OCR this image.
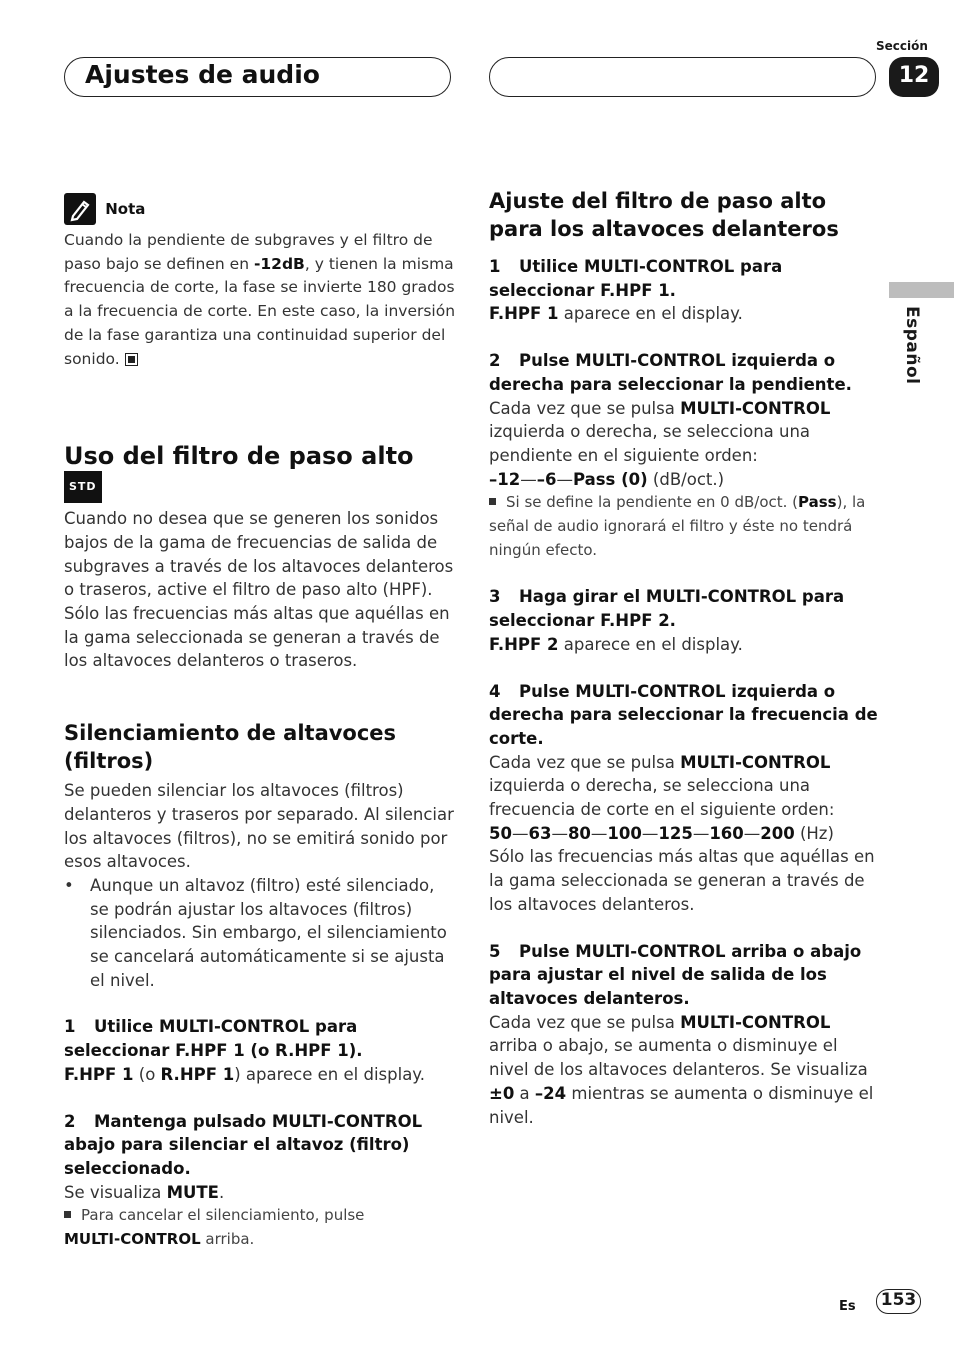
Ajustes de audio
Sección
12
Español

Nota

Cuando la pendiente de subgraves y el filtro de paso bajo se definen en -12dB, y tienen la misma frecuencia de corte, la fase se invierte 180 grados a la frecuencia de corte. En este caso, la inversión de la fase garantiza una continuidad superior del sonido.

Uso del filtro de paso alto STD

Cuando no desea que se generen los sonidos bajos de la gama de frecuencias de salida de subgraves a través de los altavoces delanteros o traseros, active el filtro de paso alto (HPF). Sólo las frecuencias más altas que aquéllas en la gama seleccionada se generan a través de los altavoces delanteros o traseros.

Silenciamiento de altavoces (filtros)

Se pueden silenciar los altavoces (filtros) delanteros y traseros por separado. Al silenciar los altavoces (filtros), no se emitirá sonido por esos altavoces.

• Aunque un altavoz (filtro) esté silenciado, se podrán ajustar los altavoces (filtros) silenciados. Sin embargo, el silenciamiento se cancelará automáticamente si se ajusta el nivel.

1 Utilice MULTI-CONTROL para seleccionar F.HPF 1 (o R.HPF 1).

F.HPF 1 (o R.HPF 1) aparece en el display.

2 Mantenga pulsado MULTI-CONTROL abajo para silenciar el altavoz (filtro) seleccionado.

Se visualiza MUTE.

Para cancelar el silenciamiento, pulse

MULTI-CONTROL arriba.

Ajuste del filtro de paso alto para los altavoces delanteros

1 Utilice MULTI-CONTROL para seleccionar F.HPF 1.

F.HPF 1 aparece en el display.

2 Pulse MULTI-CONTROL izquierda o derecha para seleccionar la pendiente.

Cada vez que se pulsa MULTI-CONTROL izquierda o derecha, se selecciona una pendiente en el siguiente orden:

–12—–6—Pass (0) (dB/oct.)

Si se define la pendiente en 0 dB/oct. (Pass), la señal de audio ignorará el filtro y éste no tendrá ningún efecto.

3 Haga girar el MULTI-CONTROL para seleccionar F.HPF 2.

F.HPF 2 aparece en el display.

4 Pulse MULTI-CONTROL izquierda o derecha para seleccionar la frecuencia de corte.

Cada vez que se pulsa MULTI-CONTROL izquierda o derecha, se selecciona una frecuencia de corte en el siguiente orden:

50—63—80—100—125—160—200 (Hz)

Sólo las frecuencias más altas que aquéllas en la gama seleccionada se generan a través de los altavoces delanteros.

5 Pulse MULTI-CONTROL arriba o abajo para ajustar el nivel de salida de los altavoces delanteros.

Cada vez que se pulsa MULTI-CONTROL arriba o abajo, se aumenta o disminuye el nivel de los altavoces delanteros. Se visualiza ±0 a –24 mientras se aumenta o disminuye el nivel.

Es 153
